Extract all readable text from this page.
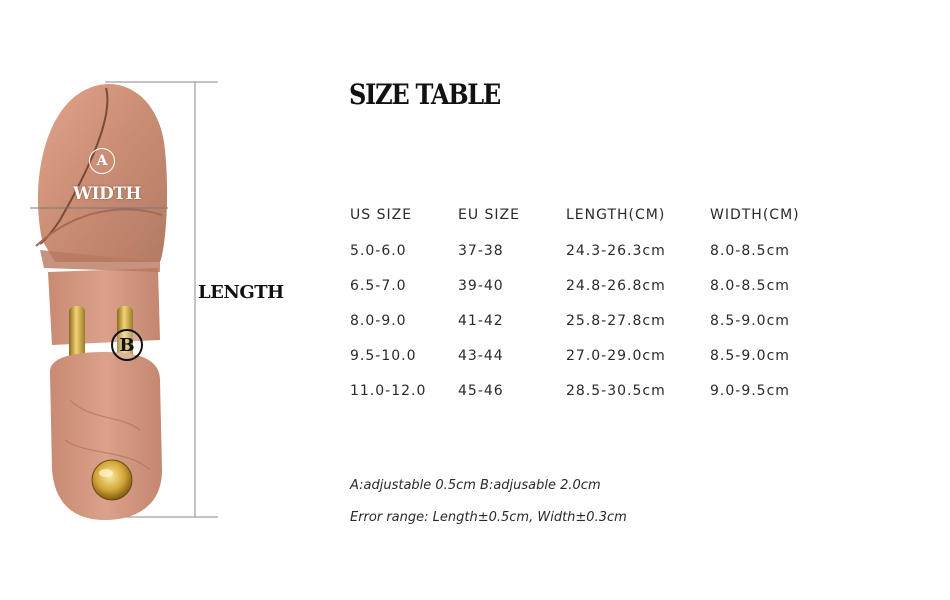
A
WIDTH
B
LENGTH
SIZE TABLE
US SIZE	EU SIZE	LENGTH(CM)	WIDTH(CM)
5.0-6.0	37-38	24.3-26.3cm	8.0-8.5cm
6.5-7.0	39-40	24.8-26.8cm	8.0-8.5cm
8.0-9.0	41-42	25.8-27.8cm	8.5-9.0cm
9.5-10.0	43-44	27.0-29.0cm	8.5-9.0cm
11.0-12.0	45-46	28.5-30.5cm	9.0-9.5cm
A:adjustable 0.5cm B:adjusable 2.0cm
Error range: Length±0.5cm, Width±0.3cm
